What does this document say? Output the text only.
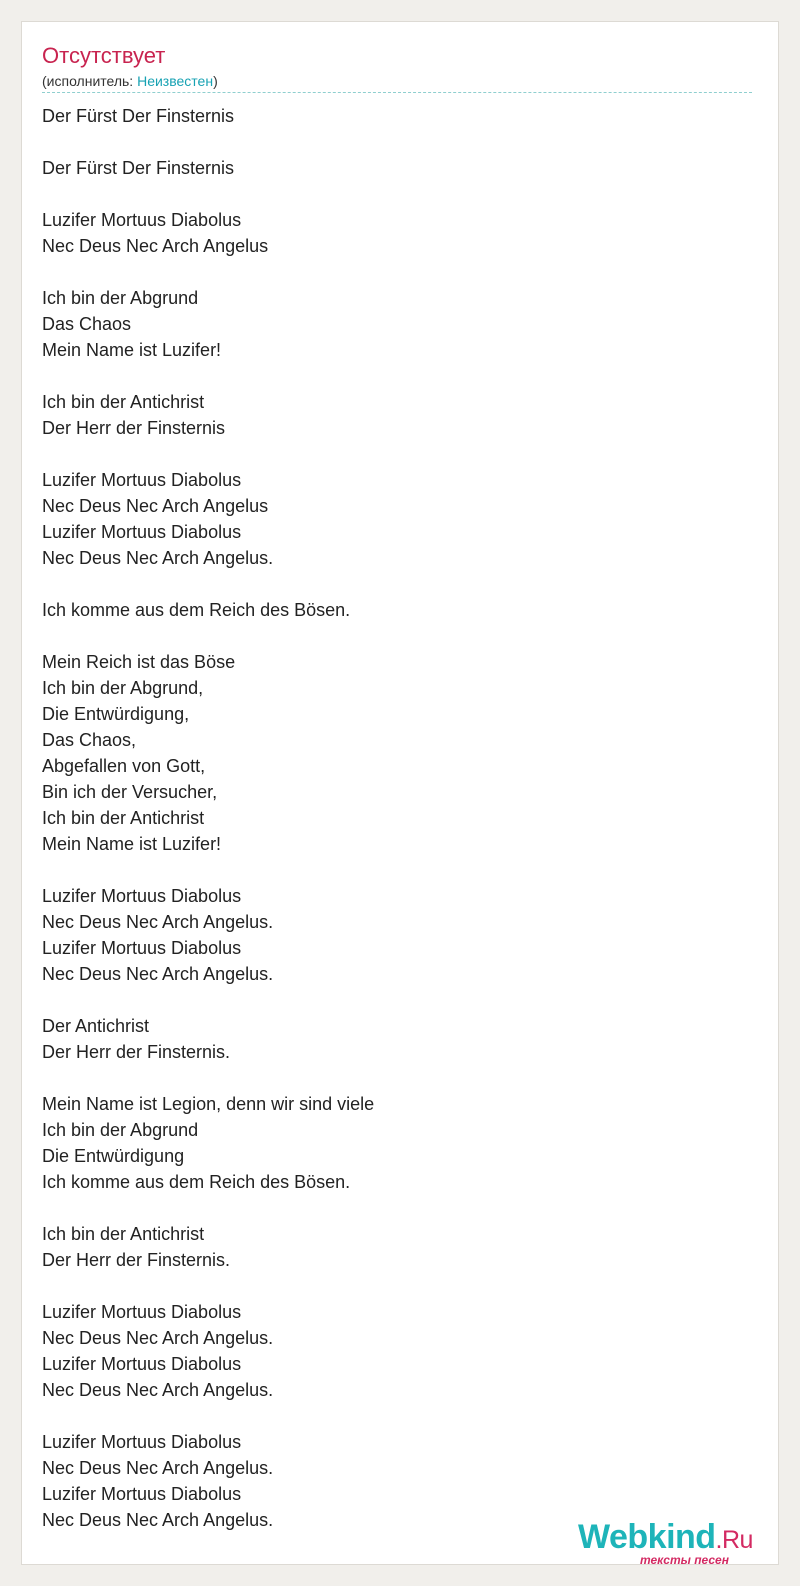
Отсутствует
(исполнитель: Неизвестен)
Der Fürst Der Finsternis
Der Fürst Der Finsternis
Luzifer Mortuus Diabolus
Nec Deus Nec Arch Angelus
Ich bin der Abgrund
Das Chaos
Mein Name ist Luzifer!
Ich bin der Antichrist
Der Herr der Finsternis
Luzifer Mortuus Diabolus
Nec Deus Nec Arch Angelus
Luzifer Mortuus Diabolus
Nec Deus Nec Arch Angelus.
Ich komme aus dem Reich des Bösen.
Mein Reich ist das Böse
Ich bin der Abgrund,
Die Entwürdigung,
Das Chaos,
Abgefallen von Gott,
Bin ich der Versucher,
Ich bin der Antichrist
Mein Name ist Luzifer!
Luzifer Mortuus Diabolus
Nec Deus Nec Arch Angelus.
Luzifer Mortuus Diabolus
Nec Deus Nec Arch Angelus.
Der Antichrist
Der Herr der Finsternis.
Mein Name ist Legion, denn wir sind viele
Ich bin der Abgrund
Die Entwürdigung
Ich komme aus dem Reich des Bösen.
Ich bin der Antichrist
Der Herr der Finsternis.
Luzifer Mortuus Diabolus
Nec Deus Nec Arch Angelus.
Luzifer Mortuus Diabolus
Nec Deus Nec Arch Angelus.
Luzifer Mortuus Diabolus
Nec Deus Nec Arch Angelus.
Luzifer Mortuus Diabolus
Nec Deus Nec Arch Angelus.	Webkind.Ru
тексты песен
